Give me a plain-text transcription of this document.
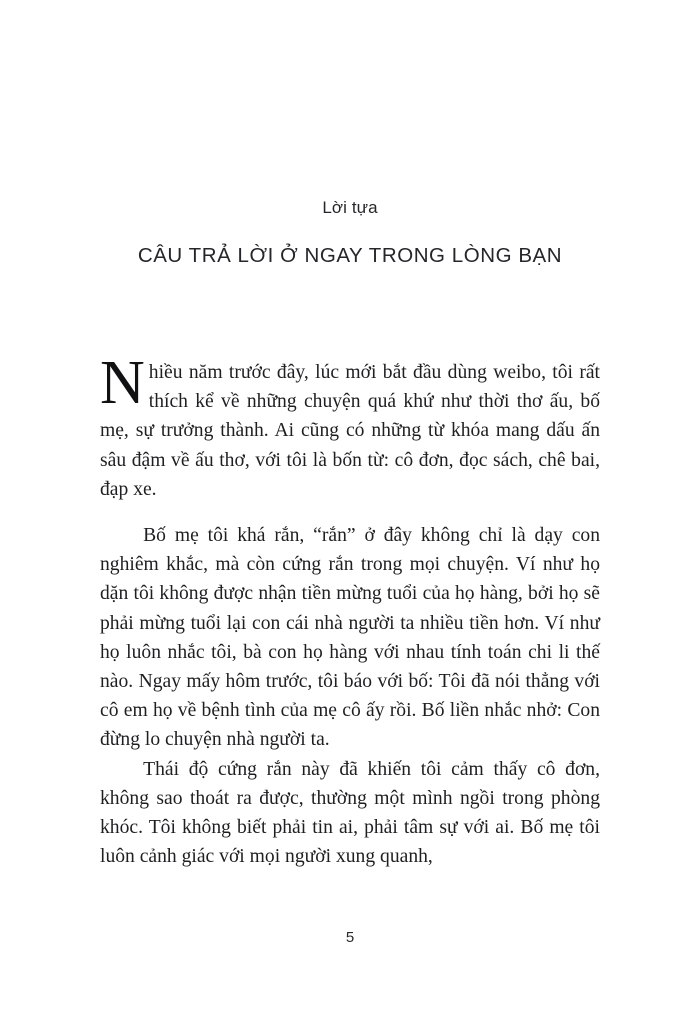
Lời tựa
CÂU TRẢ LỜI Ở NGAY TRONG LÒNG BẠN

Nhiều năm trước đây, lúc mới bắt đầu dùng weibo, tôi rất thích kể về những chuyện quá khứ như thời thơ ấu, bố mẹ, sự trưởng thành. Ai cũng có những từ khóa mang dấu ấn sâu đậm về ấu thơ, với tôi là bốn từ: cô đơn, đọc sách, chê bai, đạp xe.

Bố mẹ tôi khá rắn, “rắn” ở đây không chỉ là dạy con nghiêm khắc, mà còn cứng rắn trong mọi chuyện. Ví như họ dặn tôi không được nhận tiền mừng tuổi của họ hàng, bởi họ sẽ phải mừng tuổi lại con cái nhà người ta nhiều tiền hơn. Ví như họ luôn nhắc tôi, bà con họ hàng với nhau tính toán chi li thế nào. Ngay mấy hôm trước, tôi báo với bố: Tôi đã nói thẳng với cô em họ về bệnh tình của mẹ cô ấy rồi. Bố liền nhắc nhở: Con đừng lo chuyện nhà người ta.

Thái độ cứng rắn này đã khiến tôi cảm thấy cô đơn, không sao thoát ra được, thường một mình ngồi trong phòng khóc. Tôi không biết phải tin ai, phải tâm sự với ai. Bố mẹ tôi luôn cảnh giác với mọi người xung quanh,

5
